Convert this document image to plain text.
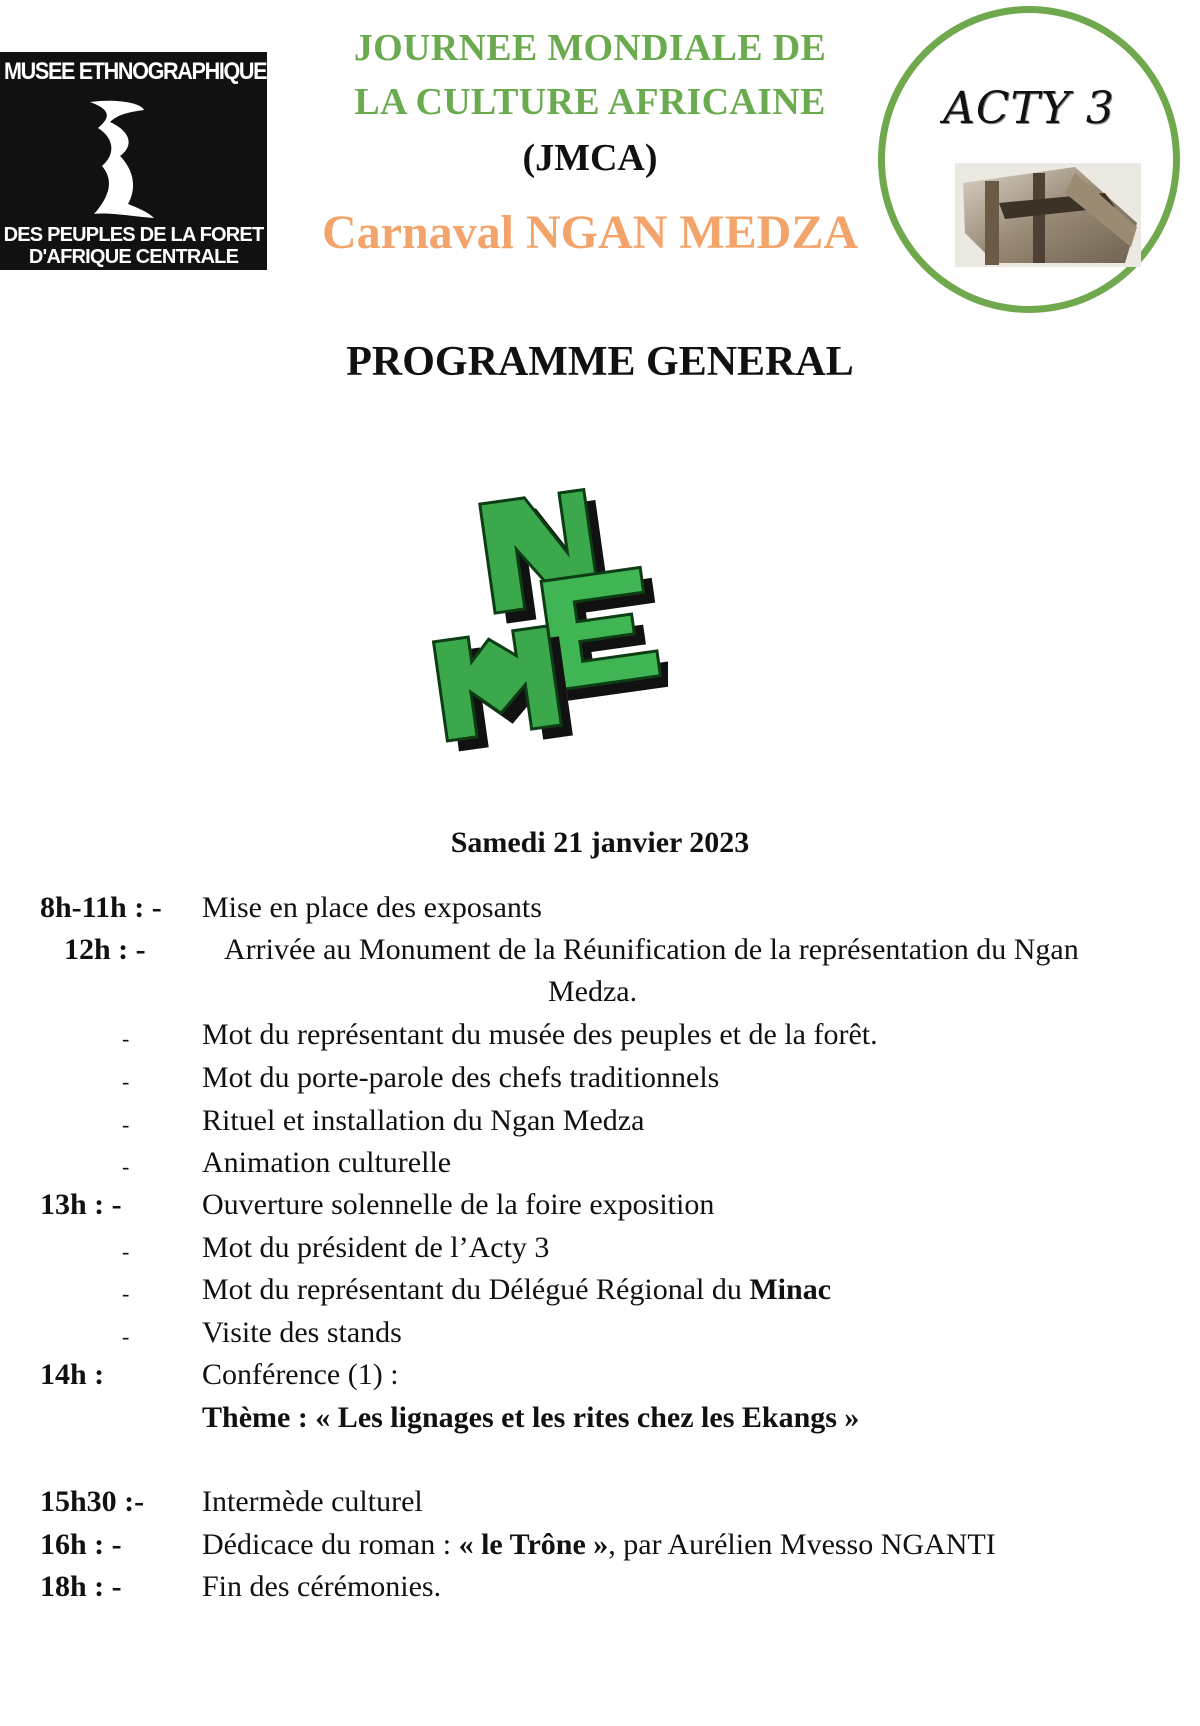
MUSEE ETHNOGRAPHIQUE ET HISTOIRE
DES PEUPLES DE LA FORET
D'AFRIQUE CENTRALE
JOURNEE MONDIALE DE
LA CULTURE AFRICAINE
(JMCA)
Carnaval NGAN MEDZA
ACTY 3
PROGRAMME GENERAL
Samedi 21 janvier 2023
8h-11h : - Mise en place des exposants
12h : -	Arrivée au Monument de la Réunification de la représentation du Ngan
Medza.
- Mot du représentant du musée des peuples et de la forêt.
- Mot du porte-parole des chefs traditionnels
- Rituel et installation du Ngan Medza
- Animation culturelle
13h : -	Ouverture solennelle de la foire exposition
- Mot du président de l’Acty 3
- Mot du représentant du Délégué Régional du Minac
- Visite des stands
14h :	Conférence (1) :
Thème : « Les lignages et les rites chez les Ekangs »
15h30 :- Intermède culturel
16h : -	Dédicace du roman : « le Trône », par Aurélien Mvesso NGANTI
18h : -	Fin des cérémonies.
